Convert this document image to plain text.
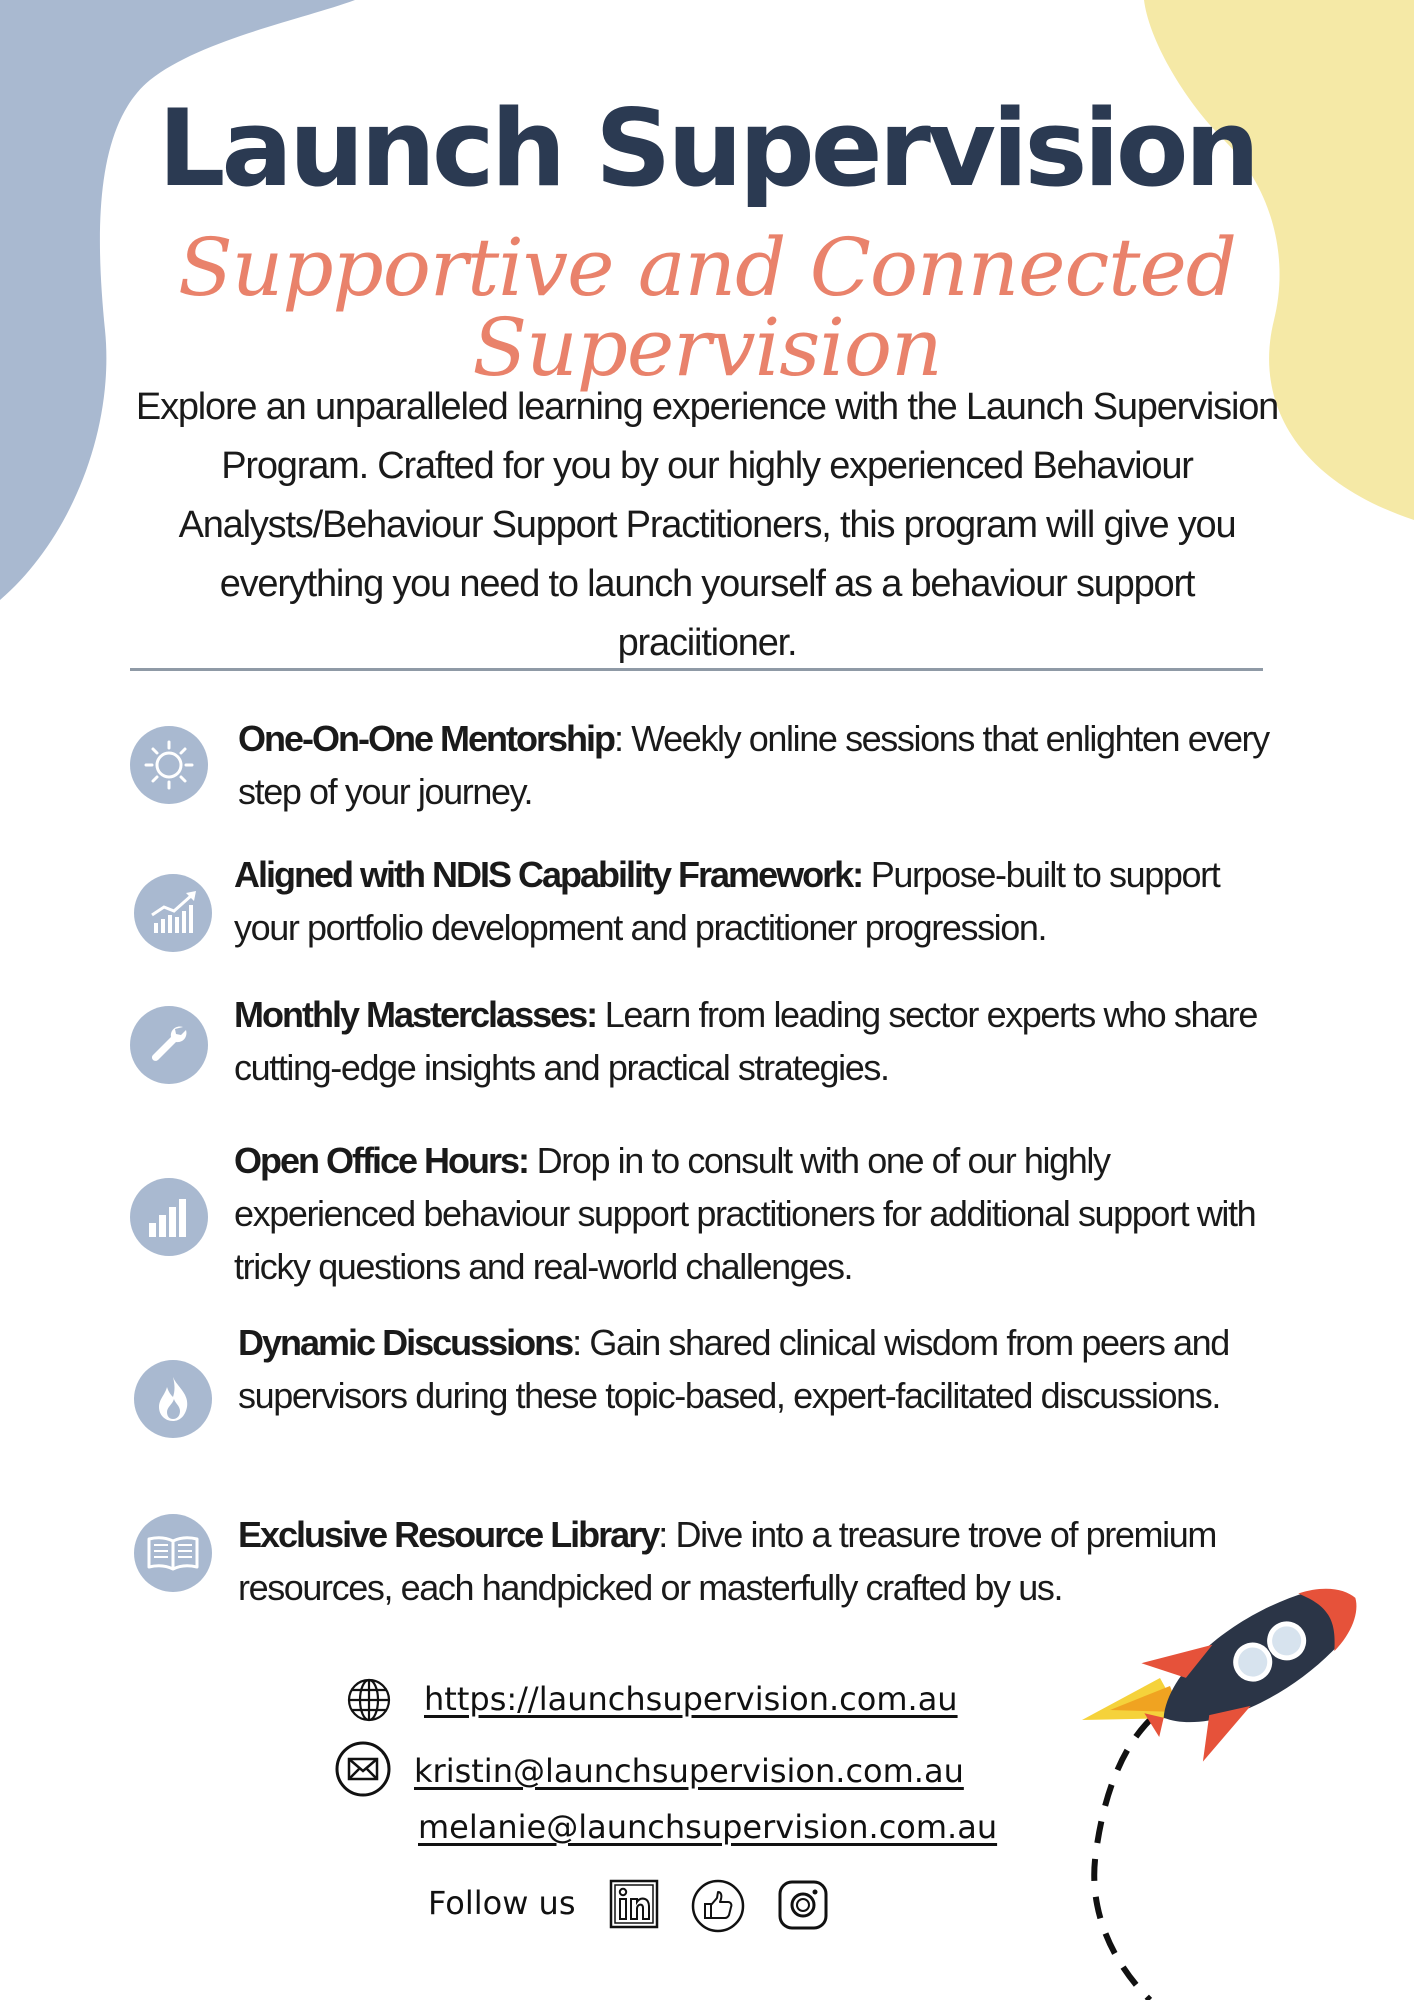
Launch Supervision

Supportive and Connected Supervision

Explore an unparalleled learning experience with the Launch Supervision Program. Crafted for you by our highly experienced Behaviour Analysts/Behaviour Support Practitioners, this program will give you everything you need to launch yourself as a behaviour support praciitioner.

One-On-One Mentorship: Weekly online sessions that enlighten every step of your journey.

Aligned with NDIS Capability Framework: Purpose-built to support your portfolio development and practitioner progression.

Monthly Masterclasses: Learn from leading sector experts who share cutting-edge insights and practical strategies.

Open Office Hours: Drop in to consult with one of our highly experienced behaviour support practitioners for additional support with tricky questions and real-world challenges.

Dynamic Discussions: Gain shared clinical wisdom from peers and supervisors during these topic-based, expert-facilitated discussions.

Exclusive Resource Library: Dive into a treasure trove of premium resources, each handpicked or masterfully crafted by us.

https://launchsupervision.com.au
kristin@launchsupervision.com.au
melanie@launchsupervision.com.au
Follow us
